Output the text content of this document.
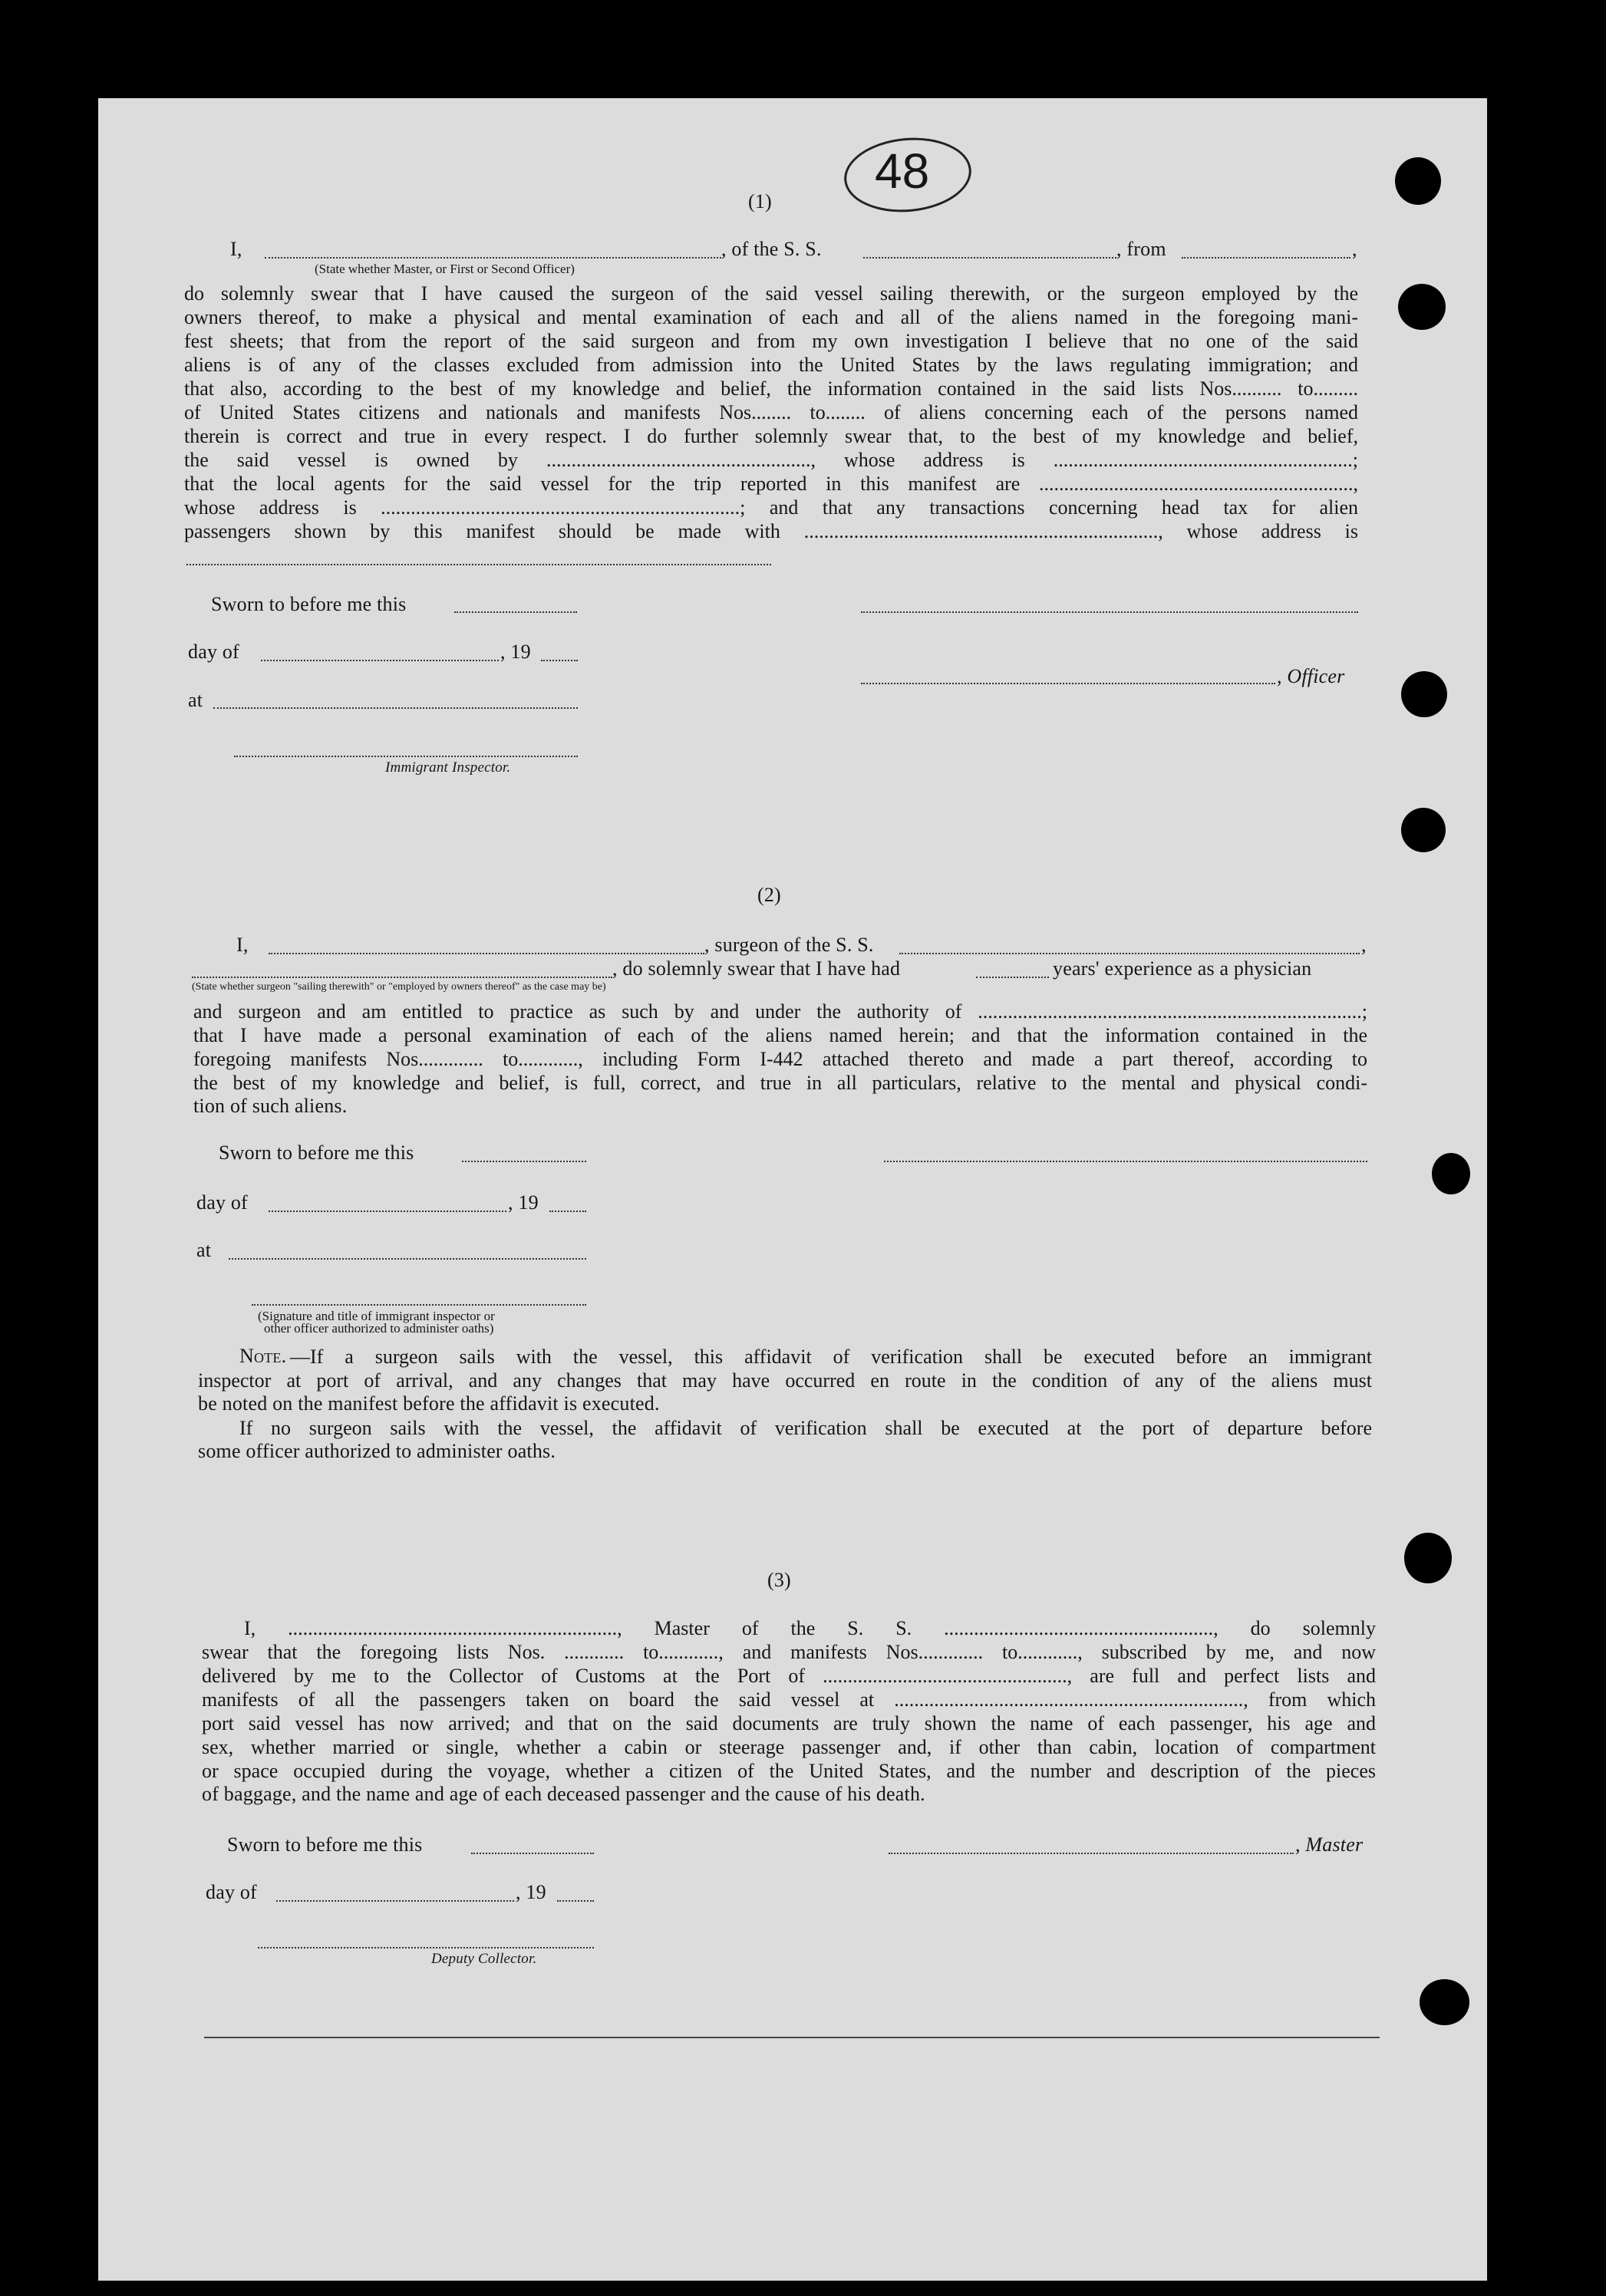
48
(1)
I,	, of the S. S.	, from	,
(State whether Master, or First or Second Officer)
do solemnly swear that I have caused the surgeon of the said vessel sailing therewith, or the surgeon employed by the
owners thereof, to make a physical and mental examination of each and all of the aliens named in the foregoing mani-
fest sheets; that from the report of the said surgeon and from my own investigation I believe that no one of the said
aliens is of any of the classes excluded from admission into the United States by the laws regulating immigration; and
that also, according to the best of my knowledge and belief, the information contained in the said lists Nos.......... to.........
of United States citizens and nationals and manifests Nos........ to........ of aliens concerning each of the persons named
therein is correct and true in every respect. I do further solemnly swear that, to the best of my knowledge and belief,
the said vessel is owned by ....................................................., whose address is ............................................................;
that the local agents for the said vessel for the trip reported in this manifest are ...............................................................,
whose address is ........................................................................; and that any transactions concerning head tax for alien
passengers shown by this manifest should be made with ......................................................................., whose address is
Sworn to before me this
day of	, 19
, Officer
at
Immigrant Inspector.
(2)
I,	, surgeon of the S. S.	,
, do solemnly swear that I have had	years' experience as a physician
(State whether surgeon "sailing therewith" or "employed by owners thereof" as the case may be)
and surgeon and am entitled to practice as such by and under the authority of .............................................................................;
that I have made a personal examination of each of the aliens named herein; and that the information contained in the
foregoing manifests Nos............. to............, including Form I-442 attached thereto and made a part thereof, according to
the best of my knowledge and belief, is full, correct, and true in all particulars, relative to the mental and physical condi-
tion of such aliens.
Sworn to before me this
day of	, 19
at
(Signature and title of immigrant inspector or
other officer authorized to administer oaths)
Note. —If a surgeon sails with the vessel, this affidavit of verification shall be executed before an immigrant
inspector at port of arrival, and any changes that may have occurred en route in the condition of any of the aliens must
be noted on the manifest before the affidavit is executed.
If no surgeon sails with the vessel, the affidavit of verification shall be executed at the port of departure before
some officer authorized to administer oaths.
(3)
I, .................................................................., Master of the S. S. ......................................................, do solemnly
swear that the foregoing lists Nos. ............ to............, and manifests Nos............. to............, subscribed by me, and now
delivered by me to the Collector of Customs at the Port of ................................................., are full and perfect lists and
manifests of all the passengers taken on board the said vessel at ......................................................................, from which
port said vessel has now arrived; and that on the said documents are truly shown the name of each passenger, his age and
sex, whether married or single, whether a cabin or steerage passenger and, if other than cabin, location of compartment
or space occupied during the voyage, whether a citizen of the United States, and the number and description of the pieces
of baggage, and the name and age of each deceased passenger and the cause of his death.
Sworn to before me this	, Master
day of	, 19
Deputy Collector.
